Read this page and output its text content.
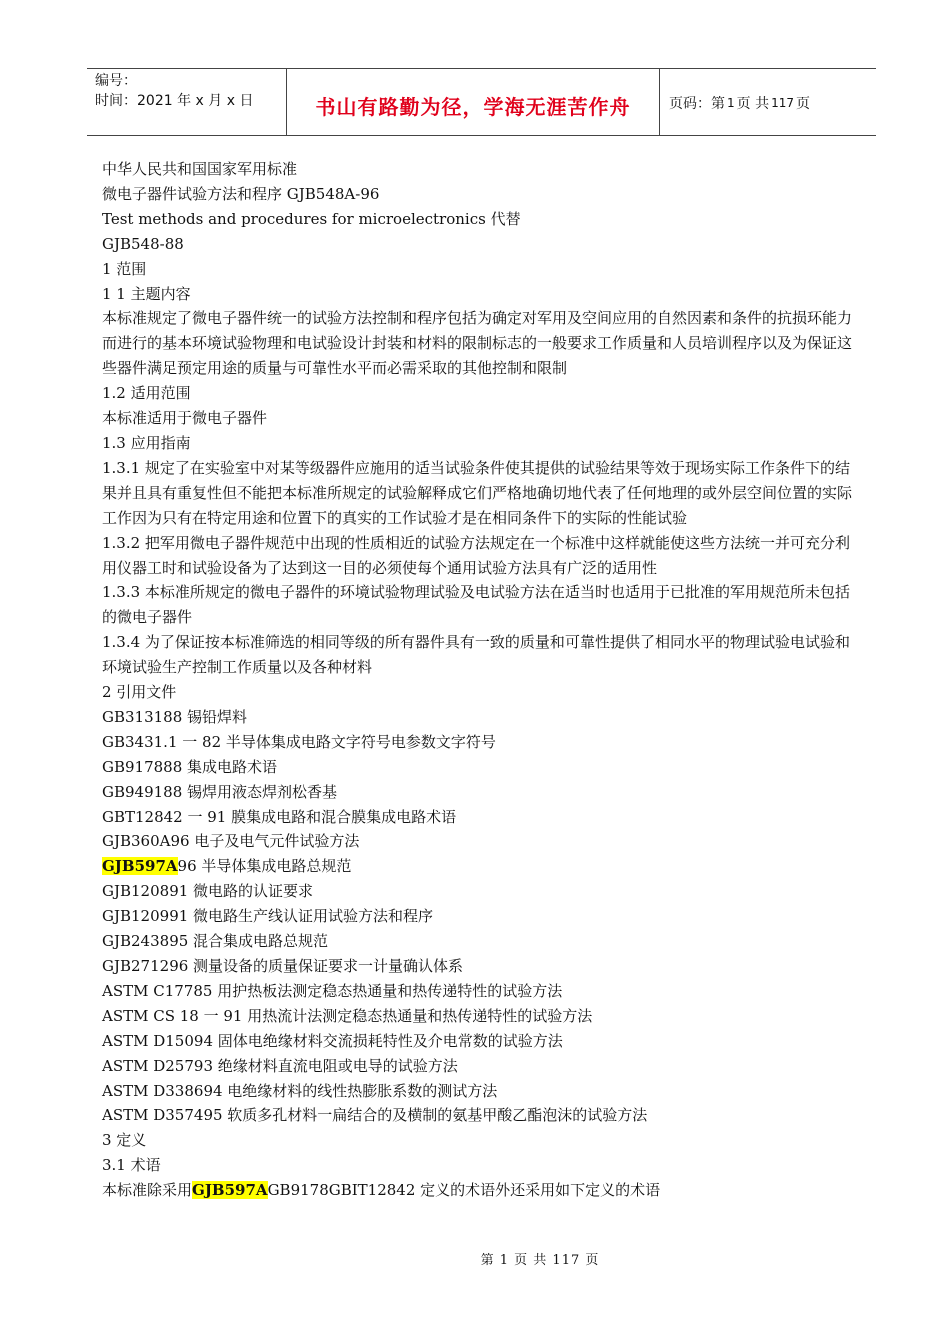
编号：
时间：2021 年 x 月 x 日	书山有路勤为径，学海无涯苦作舟	页码：第 1 页 共 117 页

中华人民共和国国家军用标准

微电子器件试验方法和程序 GJB548A-96

Test methods and procedures for microelectronics 代替

GJB548-88

1 范围

1 1 主题内容

本标准规定了微电子器件统一的试验方法控制和程序包括为确定对军用及空间应用的自然因素和条件的抗损环能力而进行的基本环境试验物理和电试验设计封装和材料的限制标志的一般要求工作质量和人员培训程序以及为保证这些器件满足预定用途的质量与可靠性水平而必需采取的其他控制和限制

1.2 适用范围

本标准适用于微电子器件

1.3 应用指南

1.3.1 规定了在实验室中对某等级器件应施用的适当试验条件使其提供的试验结果等效于现场实际工作条件下的结果并且具有重复性但不能把本标准所规定的试验解释成它们严格地确切地代表了任何地理的或外层空间位置的实际工作因为只有在特定用途和位置下的真实的工作试验才是在相同条件下的实际的性能试验

1.3.2 把军用微电子器件规范中出现的性质相近的试验方法规定在一个标准中这样就能使这些方法统一并可充分利用仪器工时和试验设备为了达到这一目的必须使每个通用试验方法具有广泛的适用性

1.3.3 本标准所规定的微电子器件的环境试验物理试验及电试验方法在适当时也适用于已批准的军用规范所未包括的微电子器件

1.3.4 为了保证按本标准筛选的相同等级的所有器件具有一致的质量和可靠性提供了相同水平的物理试验电试验和环境试验生产控制工作质量以及各种材料

2 引用文件

GB313188 锡铅焊料

GB3431.1 一 82 半导体集成电路文字符号电参数文字符号

GB917888 集成电路术语

GB949188 锡焊用液态焊剂松香基

GBT12842 一 91 膜集成电路和混合膜集成电路术语

GJB360A96 电子及电气元件试验方法

GJB597A96 半导体集成电路总规范

GJB120891 微电路的认证要求

GJB120991 微电路生产线认证用试验方法和程序

GJB243895 混合集成电路总规范

GJB271296 测量设备的质量保证要求一计量确认体系

ASTM C17785 用护热板法测定稳态热通量和热传递特性的试验方法

ASTM CS 18 一 91 用热流计法测定稳态热通量和热传递特性的试验方法

ASTM D15094 固体电绝缘材料交流损耗特性及介电常数的试验方法

ASTM D25793 绝缘材料直流电阻或电导的试验方法

ASTM D338694 电绝缘材料的线性热膨胀系数的测试方法

ASTM D357495 软质多孔材料一扁结合的及横制的氨基甲酸乙酯泡沫的试验方法

3 定义

3.1 术语

本标准除采用GJB597AGB9178GBIT12842 定义的术语外还采用如下定义的术语

第 1 页 共 117 页
